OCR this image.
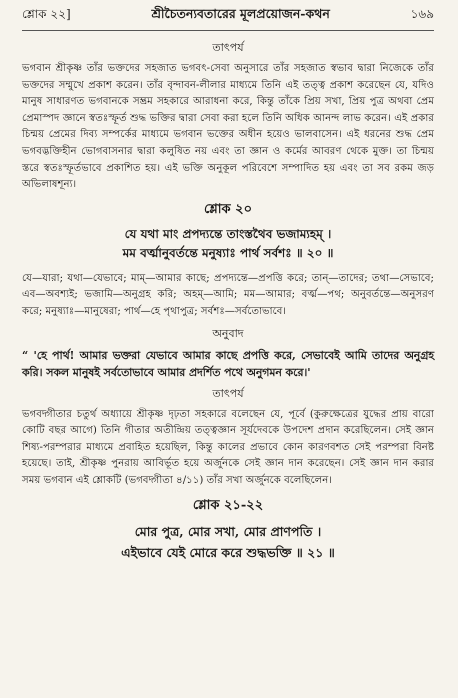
শ্লোক ২২]	শ্রীচৈতন্যবতারের মূলপ্রয়োজন-কথন	১৬৯
তাৎপর্য

ভগবান শ্রীকৃষ্ণ তাঁর ভক্তদের সহজাত ভগবৎ-সেবা অনুসারে তাঁর সহজাত স্বভাব দ্বারা নিজেকে তাঁর ভক্তদের সম্মুখে প্রকাশ করেন। তাঁর বৃন্দাবন-লীলার মাধ্যমে তিনি এই তত্ত্ব প্রকাশ করেছেন যে, যদিও মানুষ সাধারণত ভগবানকে সম্ভ্রম সহকারে আরাধনা করে, কিন্তু তাঁকে প্রিয় সখা, প্রিয় পুত্র অথবা প্রেম প্রেমাস্পদ জ্ঞানে স্বতঃস্ফূর্ত শুদ্ধ ভক্তির দ্বারা সেবা করা হলে তিনি অধিক আনন্দ লাভ করেন। এই প্রকার চিন্ময় প্রেমের দিব্য সম্পর্কের মাধ্যমে ভগবান ভক্তের অধীন হয়েও ভালবাসেন। এই ধরনের শুদ্ধ প্রেম ভগবদ্ভক্তিহীন ভোগবাসনার দ্বারা কলুষিত নয় এবং তা জ্ঞান ও কর্মের আবরণ থেকে মুক্ত। তা চিন্ময় স্তরে স্বতঃস্ফূর্তভাবে প্রকাশিত হয়। এই ভক্তি অনুকূল পরিবেশে সম্পাদিত হয় এবং তা সব রকম জড় অভিলাষশূন্য।

শ্লোক ২০
যে যথা মাং প্রপদ্যন্তে তাংস্তথৈব ভজাম্যহম্ ।
মম বর্ত্মানুবর্তন্তে মনুষ্যাঃ পার্থ সর্বশঃ ॥ ২০ ॥

যে—যারা; যথা—যেভাবে; মাম্—আমার কাছে; প্রপদ্যন্তে—প্রপত্তি করে; তান্—তাদের; তথা—সেভাবে; এব—অবশ্যই; ভজামি—অনুগ্রহ করি; অহম্—আমি; মম—আমার; বর্ত্ম—পথ; অনুবর্তন্তে—অনুসরণ করে; মনুষ্যাঃ—মানুষেরা; পার্থ—হে পৃথাপুত্র; সর্বশঃ—সর্বতোভাবে।

অনুবাদ

“ 'হে পার্থ! আমার ভক্তরা যেভাবে আমার কাছে প্রপত্তি করে, সেভাবেই আমি তাদের অনুগ্রহ করি। সকল মানুষই সর্বতোভাবে আমার প্রদর্শিত পথে অনুগমন করে।'

তাৎপর্য

ভগবদ্গীতার চতুর্থ অধ্যায়ে শ্রীকৃষ্ণ দৃঢ়তা সহকারে বলেছেন যে, পূর্বে (কুরুক্ষেত্রের যুদ্ধের প্রায় বারো কোটি বছর আগে) তিনি গীতার অতীন্দ্রিয় তত্ত্বজ্ঞান সূর্যদেবকে উপদেশ প্রদান করেছিলেন। সেই জ্ঞান শিষ্য-পরম্পরার মাধ্যমে প্রবাহিত হয়েছিল, কিন্তু কালের প্রভাবে কোন কারণবশত সেই পরম্পরা বিনষ্ট হয়েছে। তাই, শ্রীকৃষ্ণ পুনরায় আবির্ভূত হয়ে অর্জুনকে সেই জ্ঞান দান করেছেন। সেই জ্ঞান দান করার সময় ভগবান এই শ্লোকটি (ভগবদ্গীতা ৪/১১) তাঁর সখা অর্জুনকে বলেছিলেন।

শ্লোক ২১-২২
মোর পুত্র, মোর সখা, মোর প্রাণপতি ।
এইভাবে যেই মোরে করে শুদ্ধভক্তি ॥ ২১ ॥
